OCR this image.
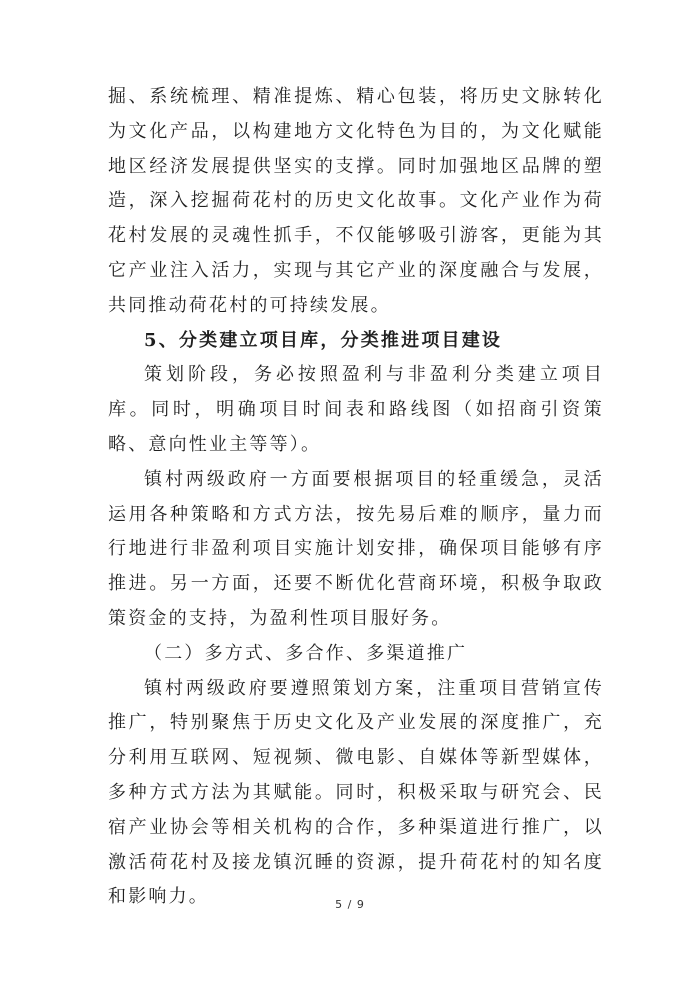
掘、系统梳理、精准提炼、精心包装，将历史文脉转化为文化产品，以构建地方文化特色为目的，为文化赋能地区经济发展提供坚实的支撑。同时加强地区品牌的塑造，深入挖掘荷花村的历史文化故事。文化产业作为荷花村发展的灵魂性抓手，不仅能够吸引游客，更能为其它产业注入活力，实现与其它产业的深度融合与发展，共同推动荷花村的可持续发展。

5、分类建立项目库，分类推进项目建设

策划阶段，务必按照盈利与非盈利分类建立项目库。同时，明确项目时间表和路线图（如招商引资策略、意向性业主等等）。

镇村两级政府一方面要根据项目的轻重缓急，灵活运用各种策略和方式方法，按先易后难的顺序，量力而行地进行非盈利项目实施计划安排，确保项目能够有序推进。另一方面，还要不断优化营商环境，积极争取政策资金的支持，为盈利性项目服好务。

（二）多方式、多合作、多渠道推广

镇村两级政府要遵照策划方案，注重项目营销宣传推广，特别聚焦于历史文化及产业发展的深度推广，充分利用互联网、短视频、微电影、自媒体等新型媒体，多种方式方法为其赋能。同时，积极采取与研究会、民宿产业协会等相关机构的合作，多种渠道进行推广，以激活荷花村及接龙镇沉睡的资源，提升荷花村的知名度和影响力。	5 / 9
